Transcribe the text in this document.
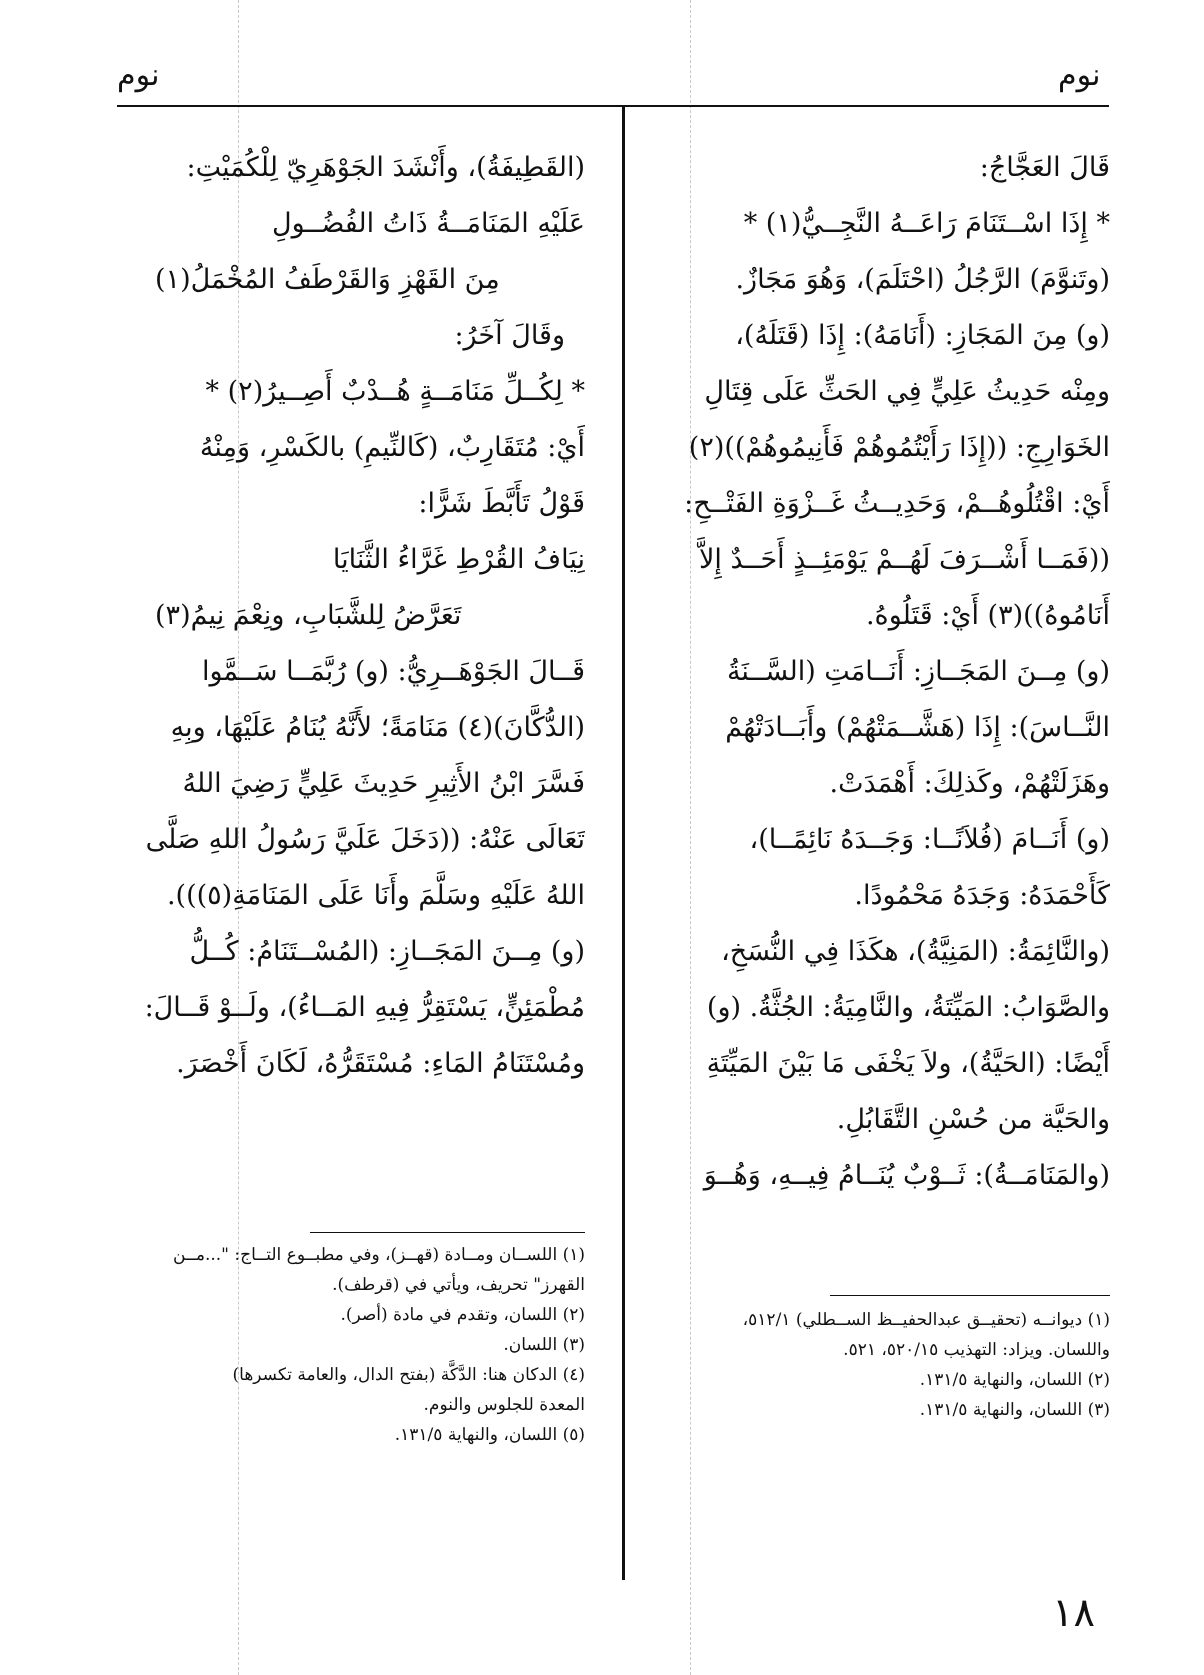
نوم
نوم
قَالَ العَجَّاجُ:
* إِذَا اسْــتَنَامَ رَاعَــهُ النَّجِــيُّ(١) *
(وتَنوَّمَ) الرَّجُلُ (احْتَلَمَ)، وَهُوَ مَجَازٌ.
(و) مِنَ المَجَازِ: (أَنَامَهُ): إِذَا (قَتَلَهُ)،
ومِنْه حَدِيثُ عَلِيٍّ فِي الحَثِّ عَلَى قِتَالِ
الخَوَارِجِ: ((إِذَا رَأَيْتُمُوهُمْ فَأَنِيمُوهُمْ))(٢)
أَيْ: اقْتُلُوهُــمْ، وَحَدِيــثُ غَــزْوَةِ الفَتْــحِ:
((فَمَــا أَشْــرَفَ لَهُــمْ يَوْمَئِــذٍ أَحَــدٌ إِلاَّ
أَنَامُوهُ))(٣) أَيْ: قَتَلُوهُ.
(و) مِــنَ المَجَــازِ: أَنَــامَتِ (السَّــنَةُ
النَّــاسَ): إِذَا (هَشَّــمَتْهُمْ) وأَبَــادَتْهُمْ
وهَزَلَتْهُمْ، وكَذلِكَ: أَهْمَدَتْ.
(و) أَنَــامَ (فُلاَنًــا: وَجَــدَهُ نَائِمًــا)،
كَأَحْمَدَهُ: وَجَدَهُ مَحْمُودًا.
(والنَّائِمَةُ: (المَنِيَّةُ)، هكَذَا فِي النُّسَخِ،
والصَّوَابُ: المَيِّتَةُ، والنَّامِيَةُ: الجُثَّةُ. (و)
أَيْضًا: (الحَيَّةُ)، ولاَ يَخْفَى مَا بَيْنَ المَيِّتَةِ
والحَيَّة من حُسْنِ التَّقَابُلِ.
(والمَنَامَــةُ): ثَــوْبٌ يُنَــامُ فِيــهِ، وَهُــوَ
(القَطِيفَةُ)، وأَنْشَدَ الجَوْهَرِيّ لِلْكُمَيْتِ:
عَلَيْهِ المَنَامَــةُ ذَاتُ الفُضُــولِ
مِنَ القَهْزِ وَالقَرْطَفُ المُخْمَلُ(١)
وقَالَ آخَرُ:
* لِكُــلِّ مَنَامَــةٍ هُــدْبٌ أَصِــيرُ(٢) *
أَيْ: مُتَقَارِبٌ، (كَالنِّيمِ) بالكَسْرِ، وَمِنْهُ
قَوْلُ تَأَبَّطَ شَرًّا:
نِيَافُ القُرْطِ غَرَّاءُ الثَّنَايَا
تَعَرَّضُ لِلشَّبَابِ، ونِعْمَ نِيمُ(٣)
قَــالَ الجَوْهَــرِيُّ: (و) رُبَّمَــا سَــمَّوا
(الدُّكَّانَ)(٤) مَنَامَةً؛ لأَنَّهُ يُنَامُ عَلَيْهَا، وبِهِ
فَسَّرَ ابْنُ الأَثِيرِ حَدِيثَ عَلِيٍّ رَضِيَ اللهُ
تَعَالَى عَنْهُ: ((دَخَلَ عَلَيَّ رَسُولُ اللهِ صَلَّى
اللهُ عَلَيْهِ وسَلَّمَ وأَنَا عَلَى المَنَامَةِ(٥))).
(و) مِــنَ المَجَــازِ: (المُسْــتَنَامُ: كُــلُّ
مُطْمَئِنٍّ، يَسْتَقِرُّ فِيهِ المَــاءُ)، ولَــوْ قَــالَ:
ومُسْتَنَامُ المَاءِ: مُسْتَقَرُّهُ، لَكَانَ أَخْصَرَ.
(١) ديوانــه (تحقيــق عبدالحفيــظ الســطلي) ٥١٢/١،
واللسان. ويزاد: التهذيب ٥٢٠/١٥، ٥٢١.
(٢) اللسان، والنهاية ١٣١/٥.
(٣) اللسان، والنهاية ١٣١/٥.
(١) اللســان ومــادة (قهــز)، وفي مطبــوع التــاج: "...مــن
القهرز" تحريف، ويأتي في (قرطف).
(٢) اللسان، وتقدم في مادة (أصر).
(٣) اللسان.
(٤) الدكان هنا: الدَّكَّة (بفتح الدال، والعامة تكسرها)
المعدة للجلوس والنوم.
(٥) اللسان، والنهاية ١٣١/٥.
١٨
